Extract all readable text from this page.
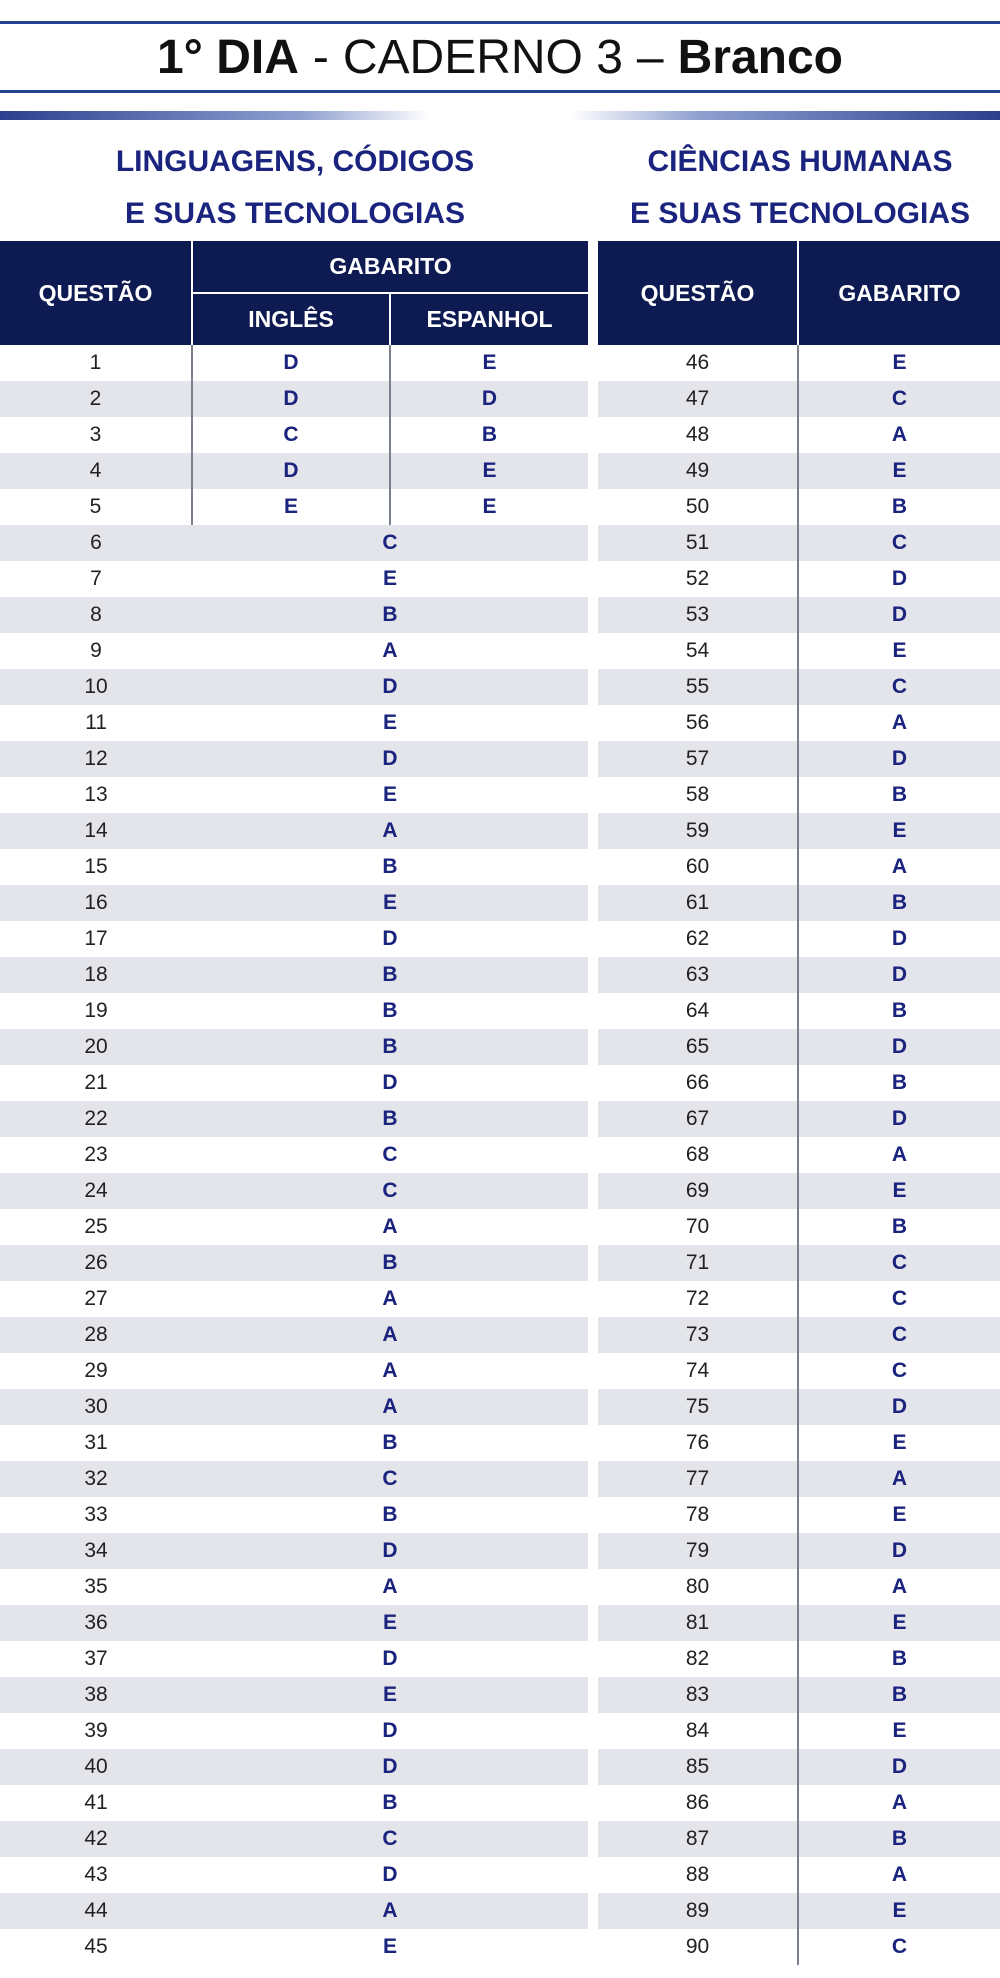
1° DIA - CADERNO 3 – Branco
LINGUAGENS, CÓDIGOS
E SUAS TECNOLOGIAS
CIÊNCIAS HUMANAS
E SUAS TECNOLOGIAS
QUESTÃO	GABARITO	
	INGLÊS	ESPANHOL
1	D	E
2	D	D
3	C	B
4	D	E
5	E	E
6	C	
7	E	
8	B	
9	A	
10	D	
11	E	
12	D	
13	E	
14	A	
15	B	
16	E	
17	D	
18	B	
19	B	
20	B	
21	D	
22	B	
23	C	
24	C	
25	A	
26	B	
27	A	
28	A	
29	A	
30	A	
31	B	
32	C	
33	B	
34	D	
35	A	
36	E	
37	D	
38	E	
39	D	
40	D	
41	B	
42	C	
43	D	
44	A	
45	E	
QUESTÃO	GABARITO
46	E
47	C
48	A
49	E
50	B
51	C
52	D
53	D
54	E
55	C
56	A
57	D
58	B
59	E
60	A
61	B
62	D
63	D
64	B
65	D
66	B
67	D
68	A
69	E
70	B
71	C
72	C
73	C
74	C
75	D
76	E
77	A
78	E
79	D
80	A
81	E
82	B
83	B
84	E
85	D
86	A
87	B
88	A
89	E
90	C
